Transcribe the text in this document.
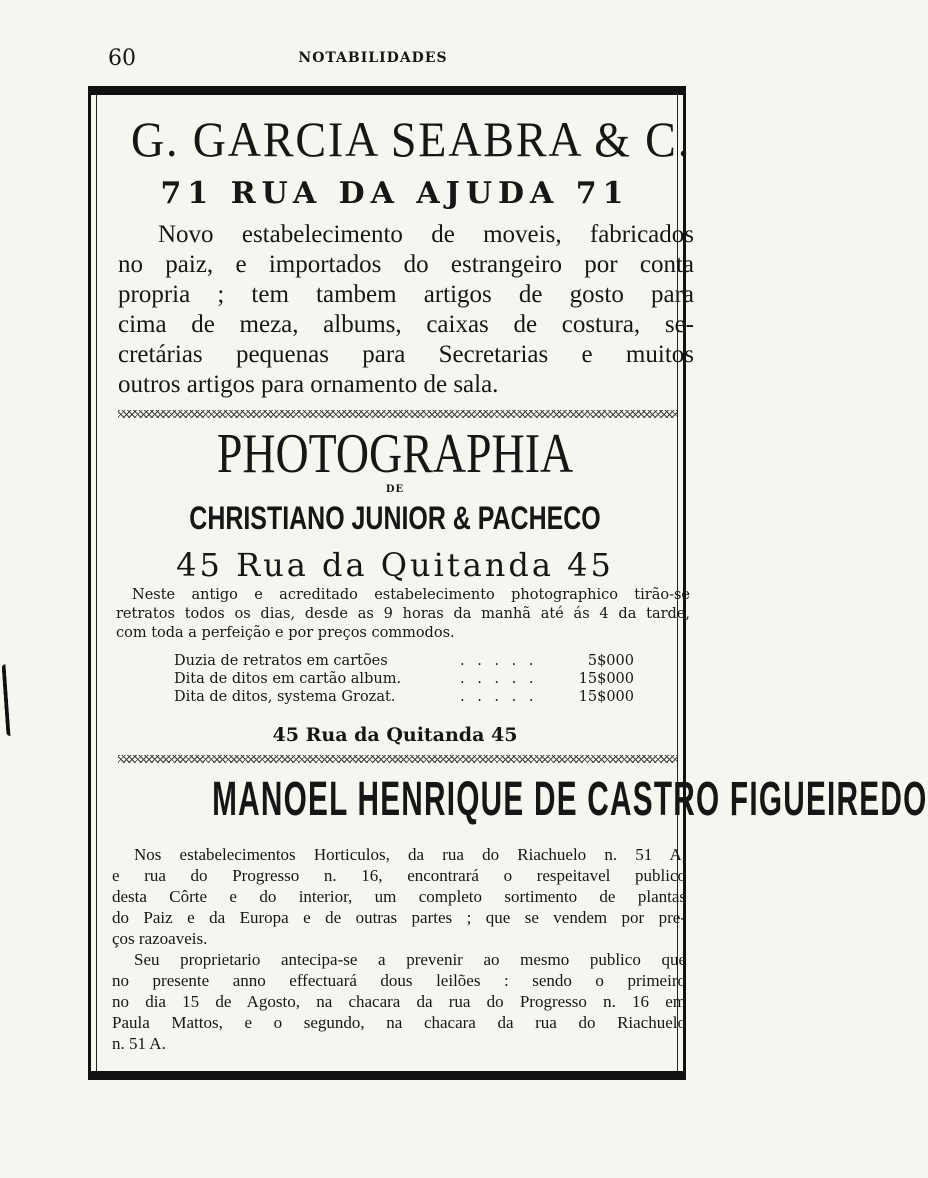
60	NOTABILIDADES
G. GARCIA SEABRA & C.
71 RUA DA AJUDA 71
Novo estabelecimento de moveis, fabricados
no paiz, e importados do estrangeiro por conta
propria ; tem tambem artigos de gosto para
cima de meza, albums, caixas de costura, se-
cretárias pequenas para Secretarias e muitos
outros artigos para ornamento de sala.
PHOTOGRAPHIA
DE
CHRISTIANO JUNIOR & PACHECO
45 Rua da Quitanda 45
Neste antigo e acreditado estabelecimento photographico tirão-se
retratos todos os dias, desde as 9 horas da manhã até ás 4 da tarde,
com toda a perfeição e por preços commodos.
Duzia de retratos em cartões	. . . . .	5$000
Dita de ditos em cartão album.	. . . . .	15$000
Dita de ditos, systema Grozat.	. . . . .	15$000
45 Rua da Quitanda 45
MANOEL HENRIQUE DE CASTRO FIGUEIREDO
Nos estabelecimentos Horticulos, da rua do Riachuelo n. 51 A,
e rua do Progresso n. 16, encontrará o respeitavel publico
desta Côrte e do interior, um completo sortimento de plantas
do Paiz e da Europa e de outras partes ; que se vendem por pre-
ços razoaveis.
Seu proprietario antecipa-se a prevenir ao mesmo publico que
no presente anno effectuará dous leilões : sendo o primeiro
no dia 15 de Agosto, na chacara da rua do Progresso n. 16 em
Paula Mattos, e o segundo, na chacara da rua do Riachuelo
n. 51 A.
